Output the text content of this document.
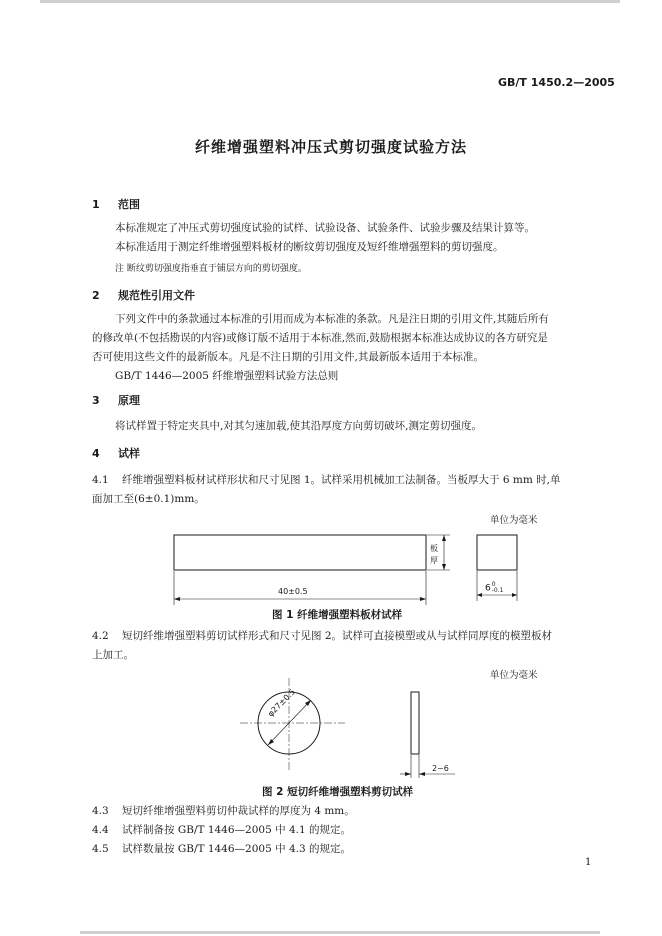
GB/T 1450.2—2005
纤维增强塑料冲压式剪切强度试验方法
1 范围
本标准规定了冲压式剪切强度试验的试样、试验设备、试验条件、试验步骤及结果计算等。
本标准适用于测定纤维增强塑料板材的断纹剪切强度及短纤维增强塑料的剪切强度。
注 断纹剪切强度指垂直于铺层方向的剪切强度。
2 规范性引用文件
下列文件中的条款通过本标准的引用而成为本标准的条款。凡是注日期的引用文件,其随后所有
的修改单(不包括勘误的内容)或修订版不适用于本标准,然而,鼓励根据本标准达成协议的各方研究是
否可使用这些文件的最新版本。凡是不注日期的引用文件,其最新版本适用于本标准。
GB/T 1446—2005 纤维增强塑料试验方法总则
3 原理
将试样置于特定夹具中,对其匀速加载,使其沿厚度方向剪切破坏,测定剪切强度。
4 试样
4.1 纤维增强塑料板材试样形状和尺寸见图 1。试样采用机械加工法制备。当板厚大于 6 mm 时,单
面加工至(6±0.1)mm。
单位为毫米
40±0.5
板
厚
6 0
-0.1
图 1 纤维增强塑料板材试样
4.2 短切纤维增强塑料剪切试样形式和尺寸见图 2。试样可直接模塑或从与试样同厚度的模塑板材
上加工。
单位为毫米
φ27±0.5
2~6
图 2 短切纤维增强塑料剪切试样
4.3 短切纤维增强塑料剪切仲裁试样的厚度为 4 mm。
4.4 试样制备按 GB/T 1446—2005 中 4.1 的规定。
4.5 试样数量按 GB/T 1446—2005 中 4.3 的规定。
1
